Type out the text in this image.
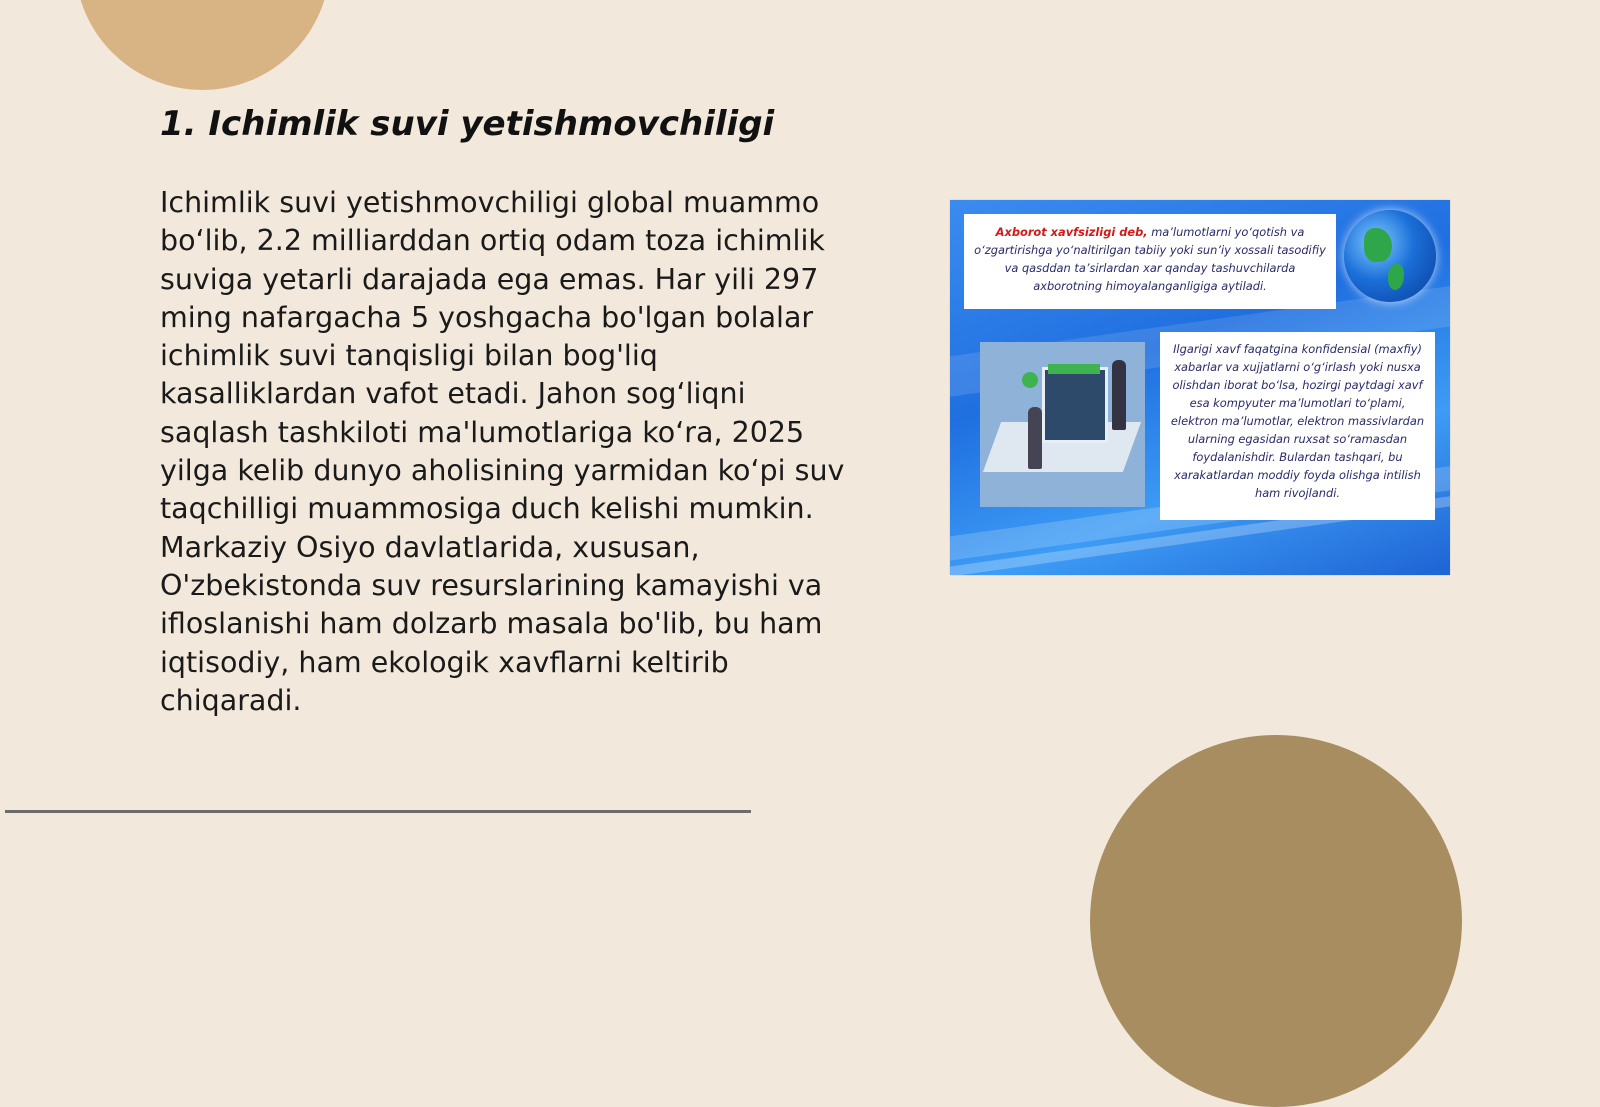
1. Ichimlik suvi yetishmovchiligi

Ichimlik suvi yetishmovchiligi global muammo bo‘lib, 2.2 milliarddan ortiq odam toza ichimlik suviga yetarli darajada ega emas. Har yili 297 ming nafargacha 5 yoshgacha bo'lgan bolalar ichimlik suvi tanqisligi bilan bog'liq kasalliklardan vafot etadi. Jahon sog‘liqni saqlash tashkiloti ma'lumotlariga ko‘ra, 2025 yilga kelib dunyo aholisining yarmidan ko‘pi suv taqchilligi muammosiga duch kelishi mumkin. Markaziy Osiyo davlatlarida, xususan, O'zbekistonda suv resurslarining kamayishi va ifloslanishi ham dolzarb masala bo'lib, bu ham iqtisodiy, ham ekologik xavflarni keltirib chiqaradi.

Axborot xavfsizligi deb, ma’lumotlarni yo‘qotish va o‘zgartirishga yo‘naltirilgan tabiiy yoki sun’iy xossali tasodifiy va qasddan ta’sirlardan xar qanday tashuvchilarda axborotning himoyalanganligiga aytiladi.
Ilgarigi xavf faqatgina konfidensial (maxfiy) xabarlar va xujjatlarni o‘g‘irlash yoki nusxa olishdan iborat bo‘lsa, hozirgi paytdagi xavf esa kompyuter ma’lumotlari to‘plami, elektron ma’lumotlar, elektron massivlardan ularning egasidan ruxsat so‘ramasdan foydalanishdir. Bulardan tashqari, bu xarakatlardan moddiy foyda olishga intilish ham rivojlandi.
